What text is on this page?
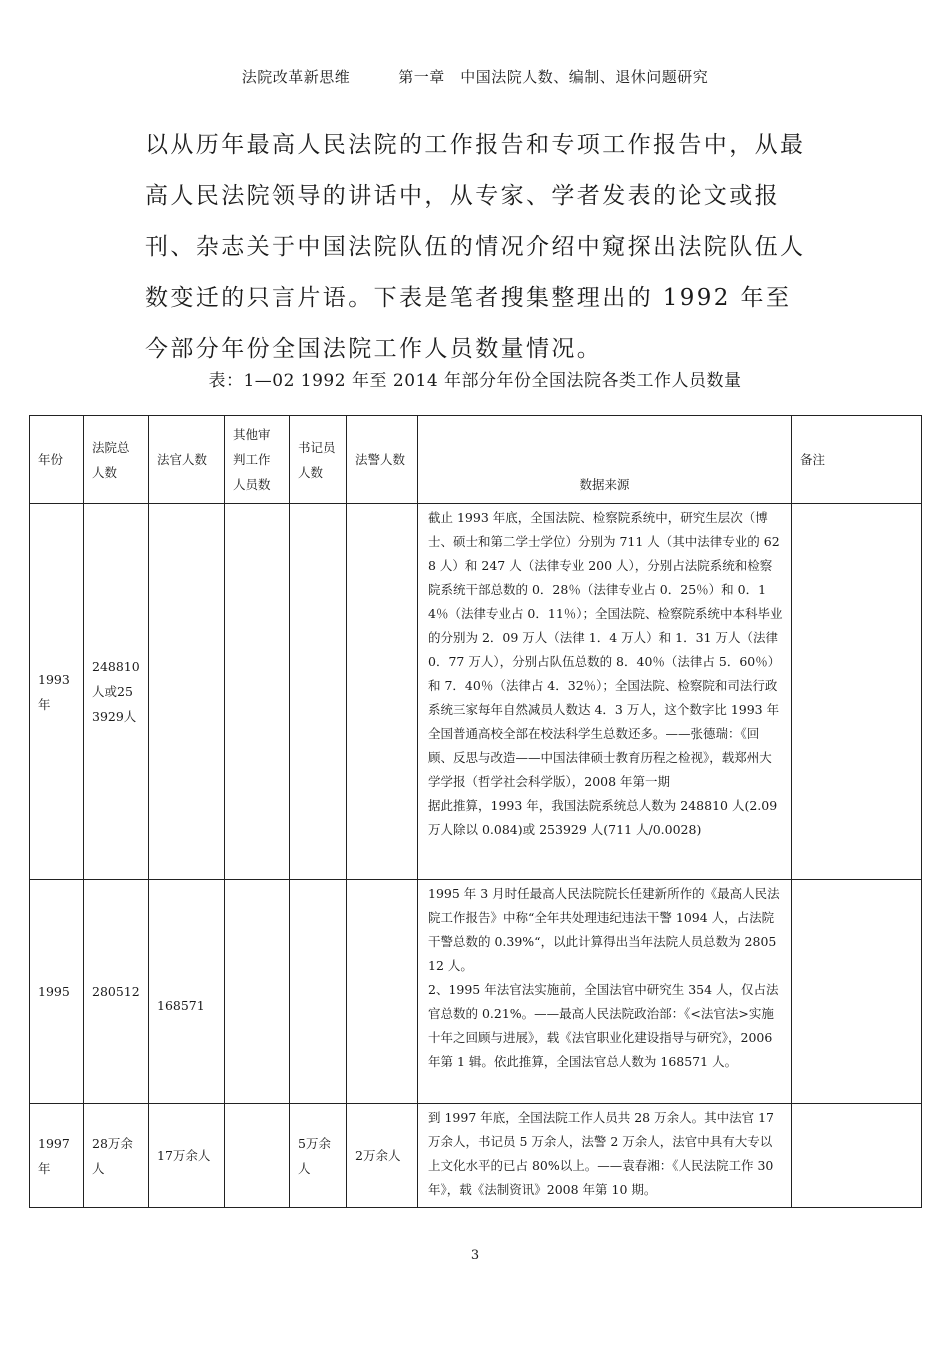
法院改革新思维	第一章　中国法院人数、编制、退休问题研究

以从历年最高人民法院的工作报告和专项工作报告中，从最高人民法院领导的讲话中，从专家、学者发表的论文或报刊、杂志关于中国法院队伍的情况介绍中窥探出法院队伍人数变迁的只言片语。下表是笔者搜集整理出的 1992 年至今部分年份全国法院工作人员数量情况。

表：1—02 1992 年至 2014 年部分年份全国法院各类工作人员数量
年份	法院总人数	法官人数	其他审判工作人员数	书记员人数	法警人数	数据来源	备注
1993年	248810人或253929人					截止 1993 年底，全国法院、检察院系统中，研究生层次（博士、硕士和第二学士学位）分别为 711 人（其中法律专业的 628 人）和 247 人（法律专业 200 人），分别占法院系统和检察院系统干部总数的 0．28％（法律专业占 0．25％）和 0．14％（法律专业占 0．11％）；全国法院、检察院系统中本科毕业的分别为 2．09 万人（法律 1．4 万人）和 1．31 万人（法律 0．77 万人），分别占队伍总数的 8．40％（法律占 5．60％）和 7．40％（法律占 4．32％）；全国法院、检察院和司法行政系统三家每年自然减员人数达 4．3 万人，这个数字比 1993 年全国普通高校全部在校法科学生总数还多。——张德瑞：《回顾、反思与改造——中国法律硕士教育历程之检视》，载郑州大学学报（哲学社会科学版），2008 年第一期
据此推算，1993 年，我国法院系统总人数为 248810 人(2.09 万人除以 0.084)或 253929 人(711 人/0.0028)	

1995	280512	168571				1995 年 3 月时任最高人民法院院长任建新所作的《最高人民法院工作报告》中称“全年共处理违纪违法干警 1094 人，占法院干警总数的 0.39%“，以此计算得出当年法院人员总数为 280512 人。
2、1995 年法官法实施前，全国法官中研究生 354 人，仅占法官总数的 0.21%。——最高人民法院政治部：《<法官法>实施十年之回顾与进展》，载《法官职业化建设指导与研究》，2006 年第 1 辑。依此推算，全国法官总人数为 168571 人。	

1997年	28万余人	17万余人		5万余人	2万余人	到 1997 年底，全国法院工作人员共 28 万余人。其中法官 17 万余人，书记员 5 万余人，法警 2 万余人，法官中具有大专以上文化水平的已占 80%以上。——袁春湘：《人民法院工作 30 年》，载《法制资讯》2008 年第 10 期。	

3
